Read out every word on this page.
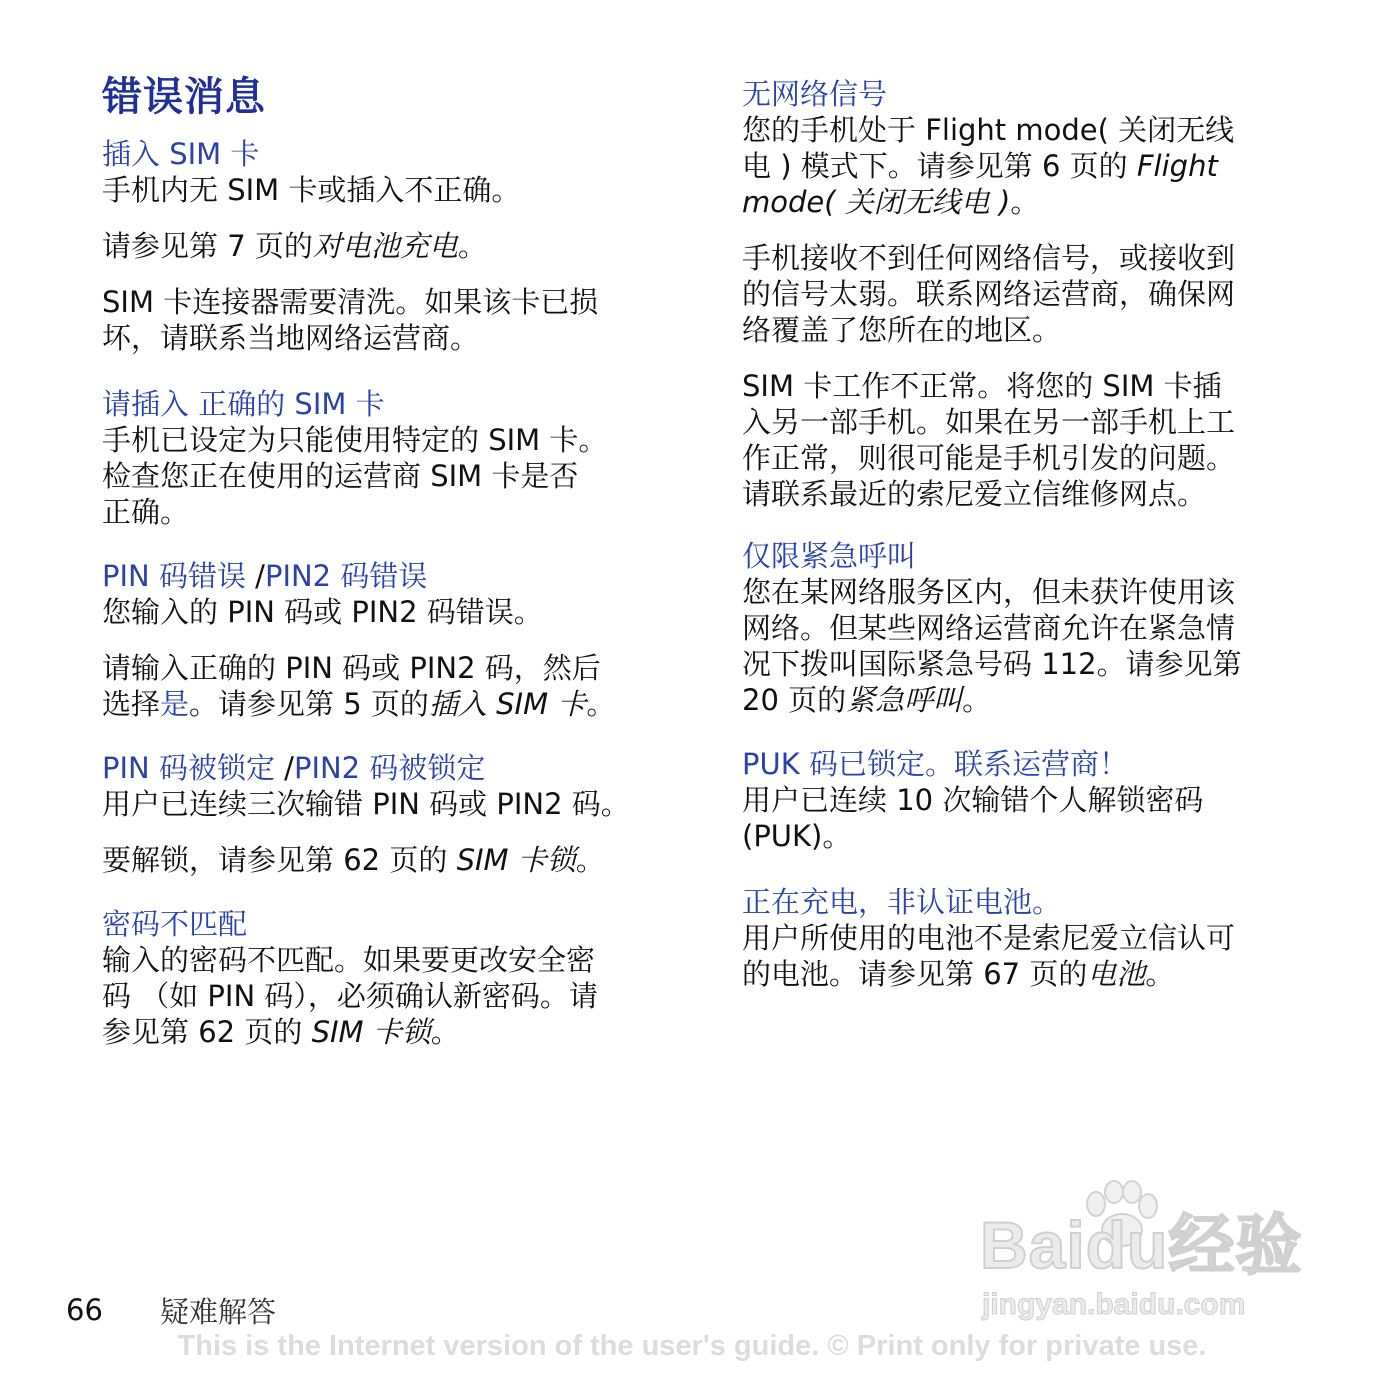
错误消息

插入 SIM 卡

手机内无 SIM 卡或插入不正确。

请参见第 7 页的对电池充电。

SIM 卡连接器需要清洗。如果该卡已损
坏，请联系当地网络运营商。

请插入 正确的 SIM 卡

手机已设定为只能使用特定的 SIM 卡。
检查您正在使用的运营商 SIM 卡是否
正确。

PIN 码错误 /PIN2 码错误

您输入的 PIN 码或 PIN2 码错误。

请输入正确的 PIN 码或 PIN2 码，然后
选择是。请参见第 5 页的插入 SIM 卡。

PIN 码被锁定 /PIN2 码被锁定

用户已连续三次输错 PIN 码或 PIN2 码。

要解锁，请参见第 62 页的 SIM 卡锁。

密码不匹配

输入的密码不匹配。如果要更改安全密
码 （如 PIN 码），必须确认新密码。请
参见第 62 页的 SIM 卡锁。

无网络信号

您的手机处于 Flight mode( 关闭无线
电 ) 模式下。请参见第 6 页的 Flight
mode( 关闭无线电 )。

手机接收不到任何网络信号，或接收到
的信号太弱。联系网络运营商，确保网
络覆盖了您所在的地区。

SIM 卡工作不正常。将您的 SIM 卡插
入另一部手机。如果在另一部手机上工
作正常，则很可能是手机引发的问题。
请联系最近的索尼爱立信维修网点。

仅限紧急呼叫

您在某网络服务区内，但未获许使用该
网络。但某些网络运营商允许在紧急情
况下拨叫国际紧急号码 112。请参见第
20 页的紧急呼叫。

PUK 码已锁定。联系运营商！

用户已连续 10 次输错个人解锁密码
(PUK)。

正在充电，非认证电池。

用户所使用的电池不是索尼爱立信认可
的电池。请参见第 67 页的电池。

Baidu经验
jingyan.baidu.com
66 疑难解答
This is the Internet version of the user's guide. © Print only for private use.
